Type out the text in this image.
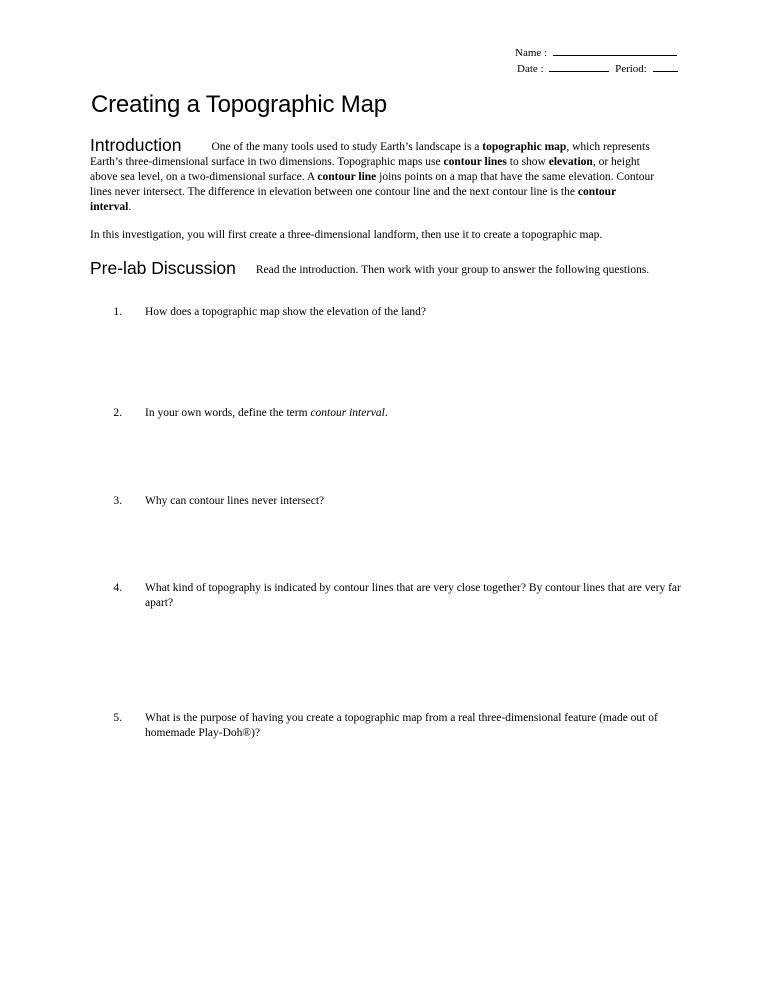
Name :
Date :	Period:
Creating a Topographic Map
Introduction	One of the many tools used to study Earth’s landscape is a topographic map, which represents Earth’s three-dimensional surface in two dimensions. Topographic maps use contour lines to show elevation, or height above sea level, on a two-dimensional surface. A contour line joins points on a map that have the same elevation. Contour lines never intersect. The difference in elevation between one contour line and the next contour line is the contour interval.
In this investigation, you will first create a three-dimensional landform, then use it to create a topographic map.
Pre-lab Discussion Read the introduction. Then work with your group to answer the following questions.
1. How does a topographic map show the elevation of the land?
2. In your own words, define the term contour interval.
3. Why can contour lines never intersect?
4. What kind of topography is indicated by contour lines that are very close together? By contour lines that are very far apart?
5. What is the purpose of having you create a topographic map from a real three-dimensional feature (made out of homemade Play-Doh®)?
